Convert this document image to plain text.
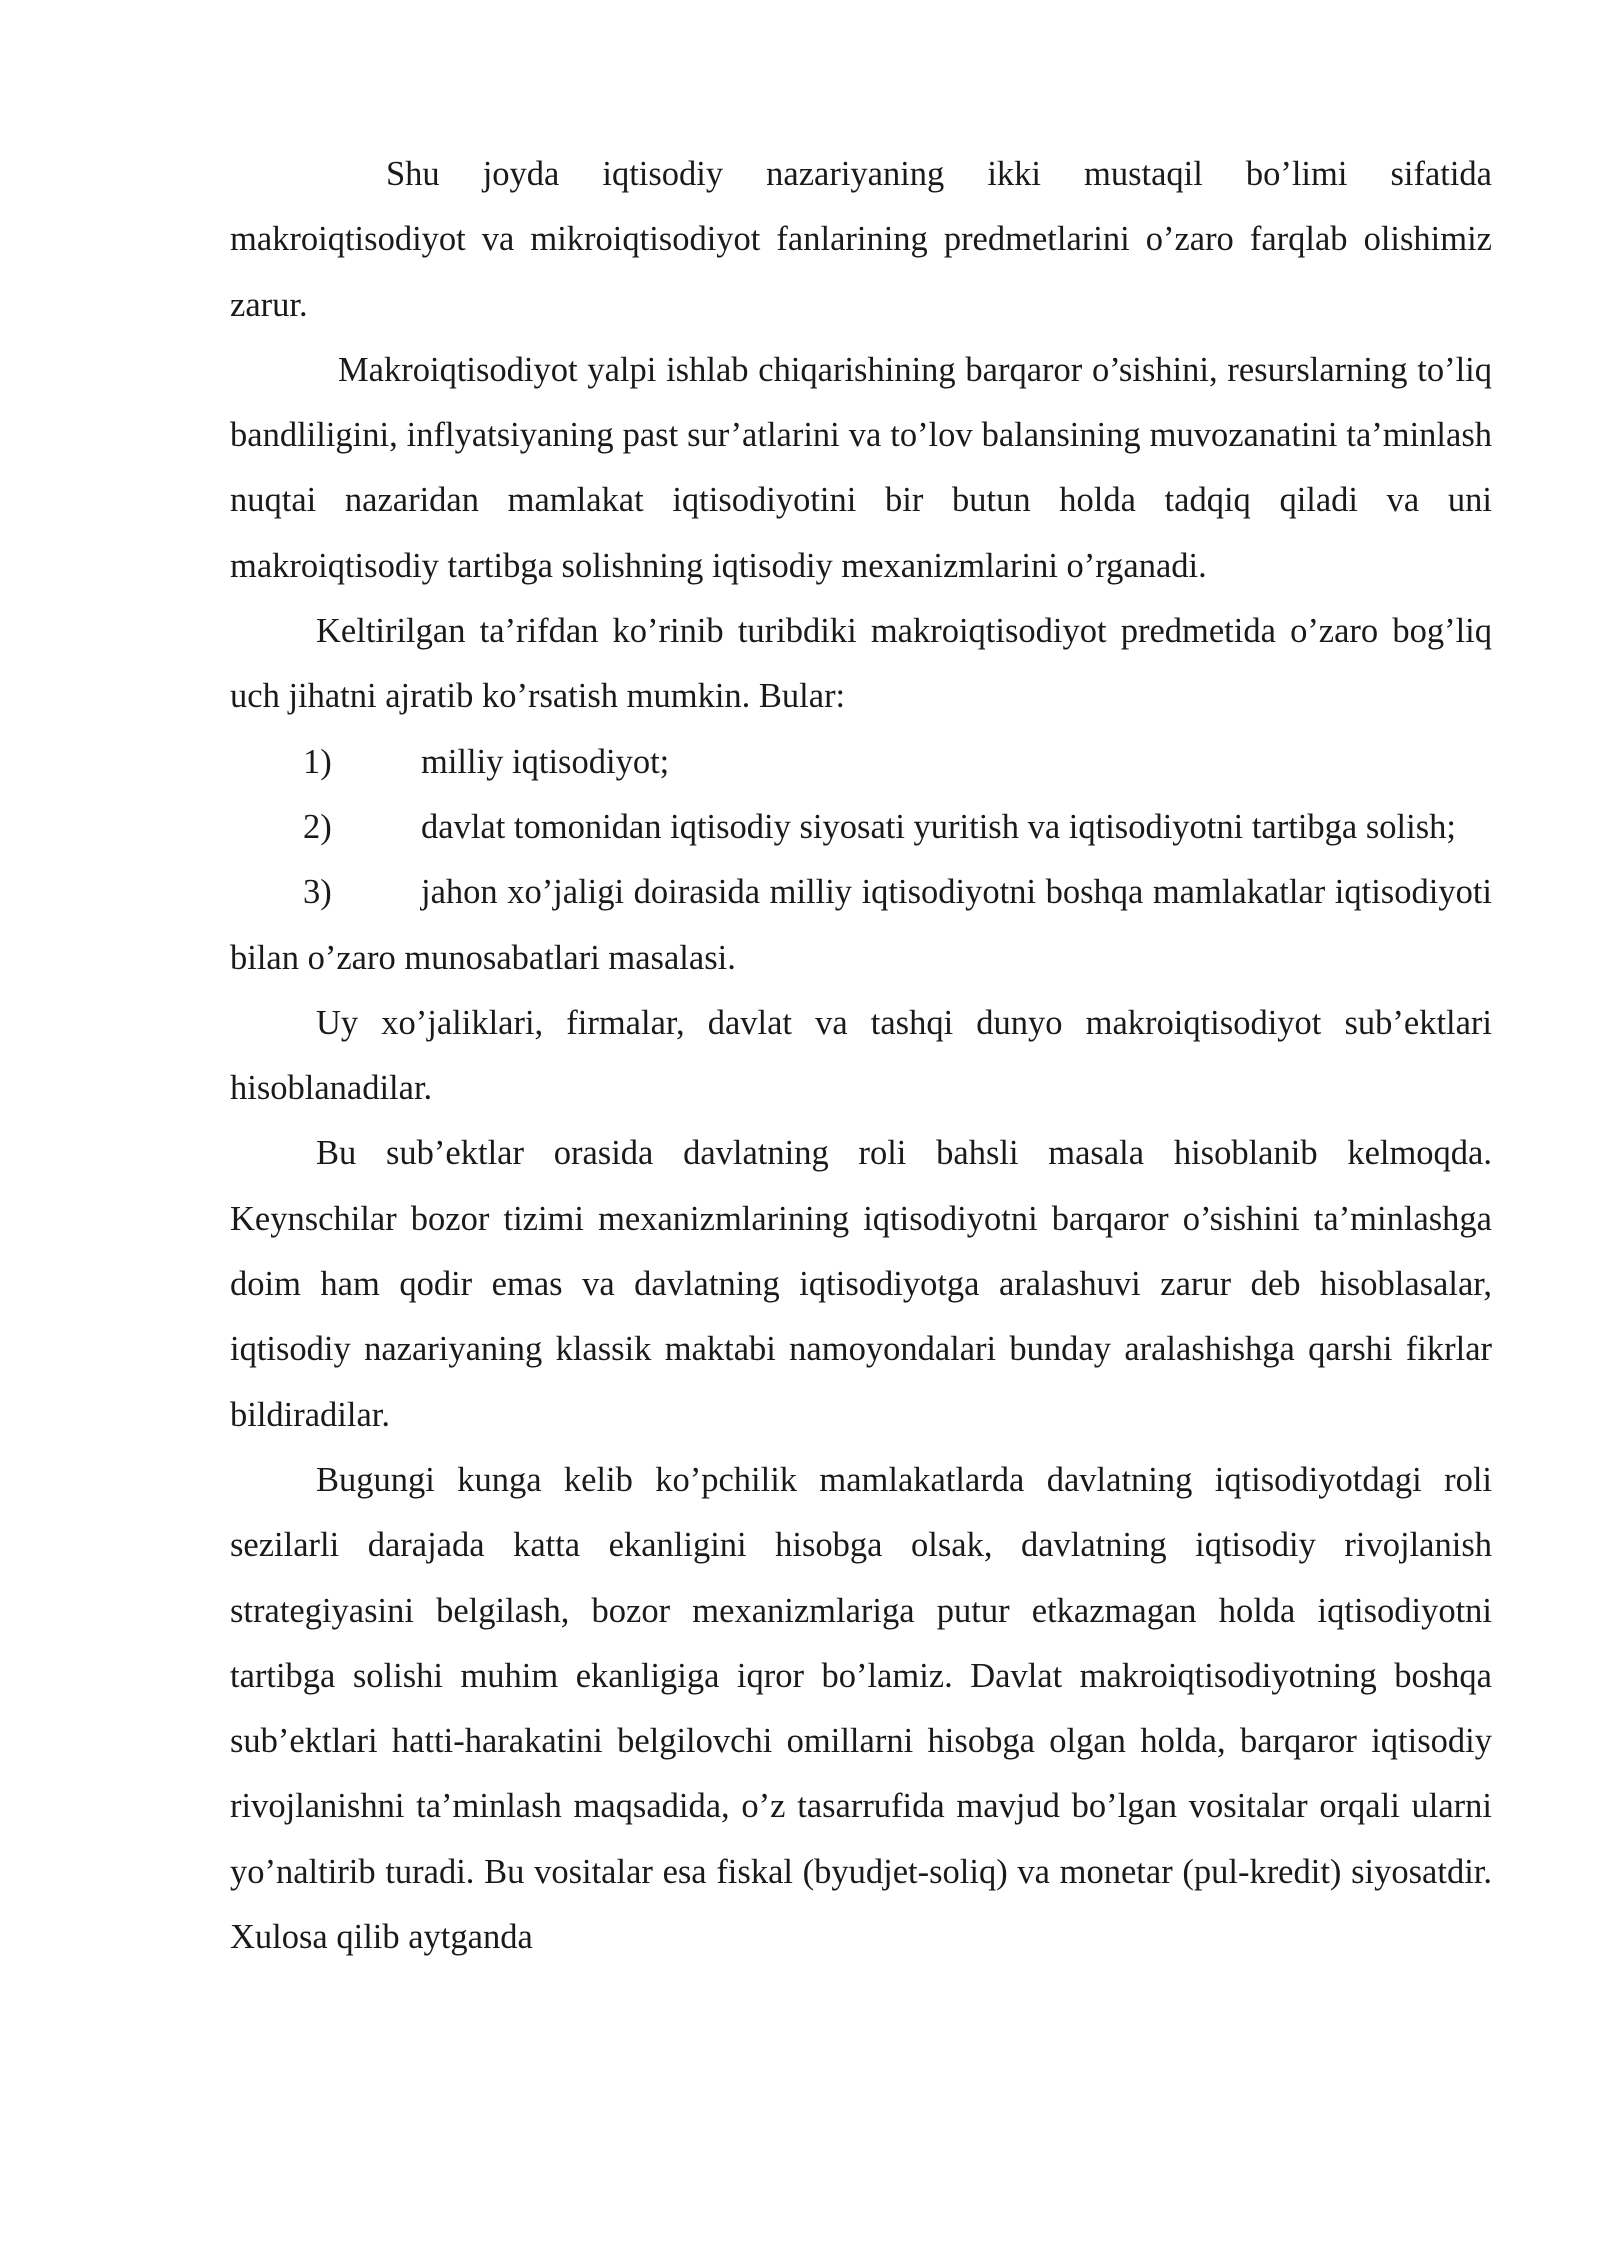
Shu joyda iqtisodiy nazariyaning ikki mustaqil bo’limi sifatida makroiqtisodiyot va mikroiqtisodiyot fanlarining predmetlarini o’zaro farqlab olishimiz zarur.

Makroiqtisodiyot yalpi ishlab chiqarishining barqaror o’sishini, resurslarning to’liq bandliligini, inflyatsiyaning past sur’atlarini va to’lov balansining muvozanatini ta’minlash nuqtai nazaridan mamlakat iqtisodiyotini bir butun holda tadqiq qiladi va uni makroiqtisodiy tartibga solishning iqtisodiy mexanizmlarini o’rganadi.

Keltirilgan ta’rifdan ko’rinib turibdiki makroiqtisodiyot predmetida o’zaro bog’liq uch jihatni ajratib ko’rsatish mumkin. Bular:

1)	milliy iqtisodiyot;

2)	davlat tomonidan iqtisodiy siyosati yuritish va iqtisodiyotni tartibga solish;

3)	jahon xo’jaligi doirasida milliy iqtisodiyotni boshqa mamlakatlar iqtisodiyoti bilan o’zaro munosabatlari masalasi.

Uy xo’jaliklari, firmalar, davlat va tashqi dunyo makroiqtisodiyot sub’ektlari hisoblanadilar.

Bu sub’ektlar orasida davlatning roli bahsli masala hisoblanib kelmoqda. Keynschilar bozor tizimi mexanizmlarining iqtisodiyotni barqaror o’sishini ta’minlashga doim ham qodir emas va davlatning iqtisodiyotga aralashuvi zarur deb hisoblasalar, iqtisodiy nazariyaning klassik maktabi namoyondalari bunday aralashishga qarshi fikrlar bildiradilar.

Bugungi kunga kelib ko’pchilik mamlakatlarda davlatning iqtisodiyotdagi roli sezilarli darajada katta ekanligini hisobga olsak, davlatning iqtisodiy rivojlanish strategiyasini belgilash, bozor mexanizmlariga putur etkazmagan holda iqtisodiyotni tartibga solishi muhim ekanligiga iqror bo’lamiz. Davlat makroiqtisodiyotning boshqa sub’ektlari hatti-harakatini belgilovchi omillarni hisobga olgan holda, barqaror iqtisodiy rivojlanishni ta’minlash maqsadida, o’z tasarrufida mavjud bo’lgan vositalar orqali ularni yo’naltirib turadi. Bu vositalar esa fiskal (byudjet-soliq) va monetar (pul-kredit) siyosatdir. Xulosa qilib aytganda
